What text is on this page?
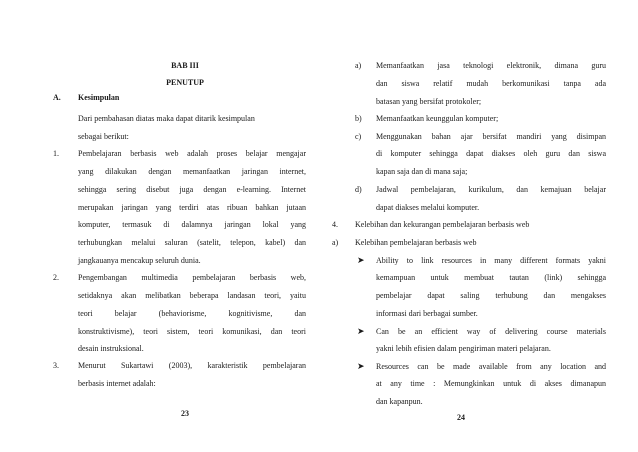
BAB III
PENUTUP
A. Kesimpulan
Dari pembahasan diatas maka dapat ditarik kesimpulan
sebagai berikut:
1. Pembelajaran berbasis web adalah proses belajar mengajar
yang dilakukan dengan memanfaatkan jaringan internet,
sehingga sering disebut juga dengan e-learning. Internet
merupakan jaringan yang terdiri atas ribuan bahkan jutaan
komputer, termasuk di dalamnya jaringan lokal yang
terhubungkan melalui saluran (satelit, telepon, kabel) dan
jangkauanya mencakup seluruh dunia.
2. Pengembangan multimedia pembelajaran berbasis web,
setidaknya akan melibatkan beberapa landasan teori, yaitu
teori belajar (behaviorisme, kognitivisme, dan
konstruktivisme), teori sistem, teori komunikasi, dan teori
desain instruksional.
3. Menurut Sukartawi (2003), karakteristik pembelajaran
berbasis internet adalah:
23
a) Memanfaatkan jasa teknologi elektronik, dimana guru
dan siswa relatif mudah berkomunikasi tanpa ada
batasan yang bersifat protokoler;
b) Memanfaatkan keunggulan komputer;
c) Menggunakan bahan ajar bersifat mandiri yang disimpan
di komputer sehingga dapat diakses oleh guru dan siswa
kapan saja dan di mana saja;
d) Jadwal pembelajaran, kurikulum, dan kemajuan belajar
dapat diakses melalui komputer.
4. Kelebihan dan kekurangan pembelajaran berbasis web
a) Kelebihan pembelajaran berbasis web
➤ Ability to link resources in many different formats yakni
kemampuan untuk membuat tautan (link) sehingga
pembelajar dapat saling terhubung dan mengakses
informasi dari berbagai sumber.
➤ Can be an efficient way of delivering course materials
yakni lebih efisien dalam pengiriman materi pelajaran.
➤ Resources can be made available from any location and
at any time : Memungkinkan untuk di akses dimanapun
dan kapanpun.
24
